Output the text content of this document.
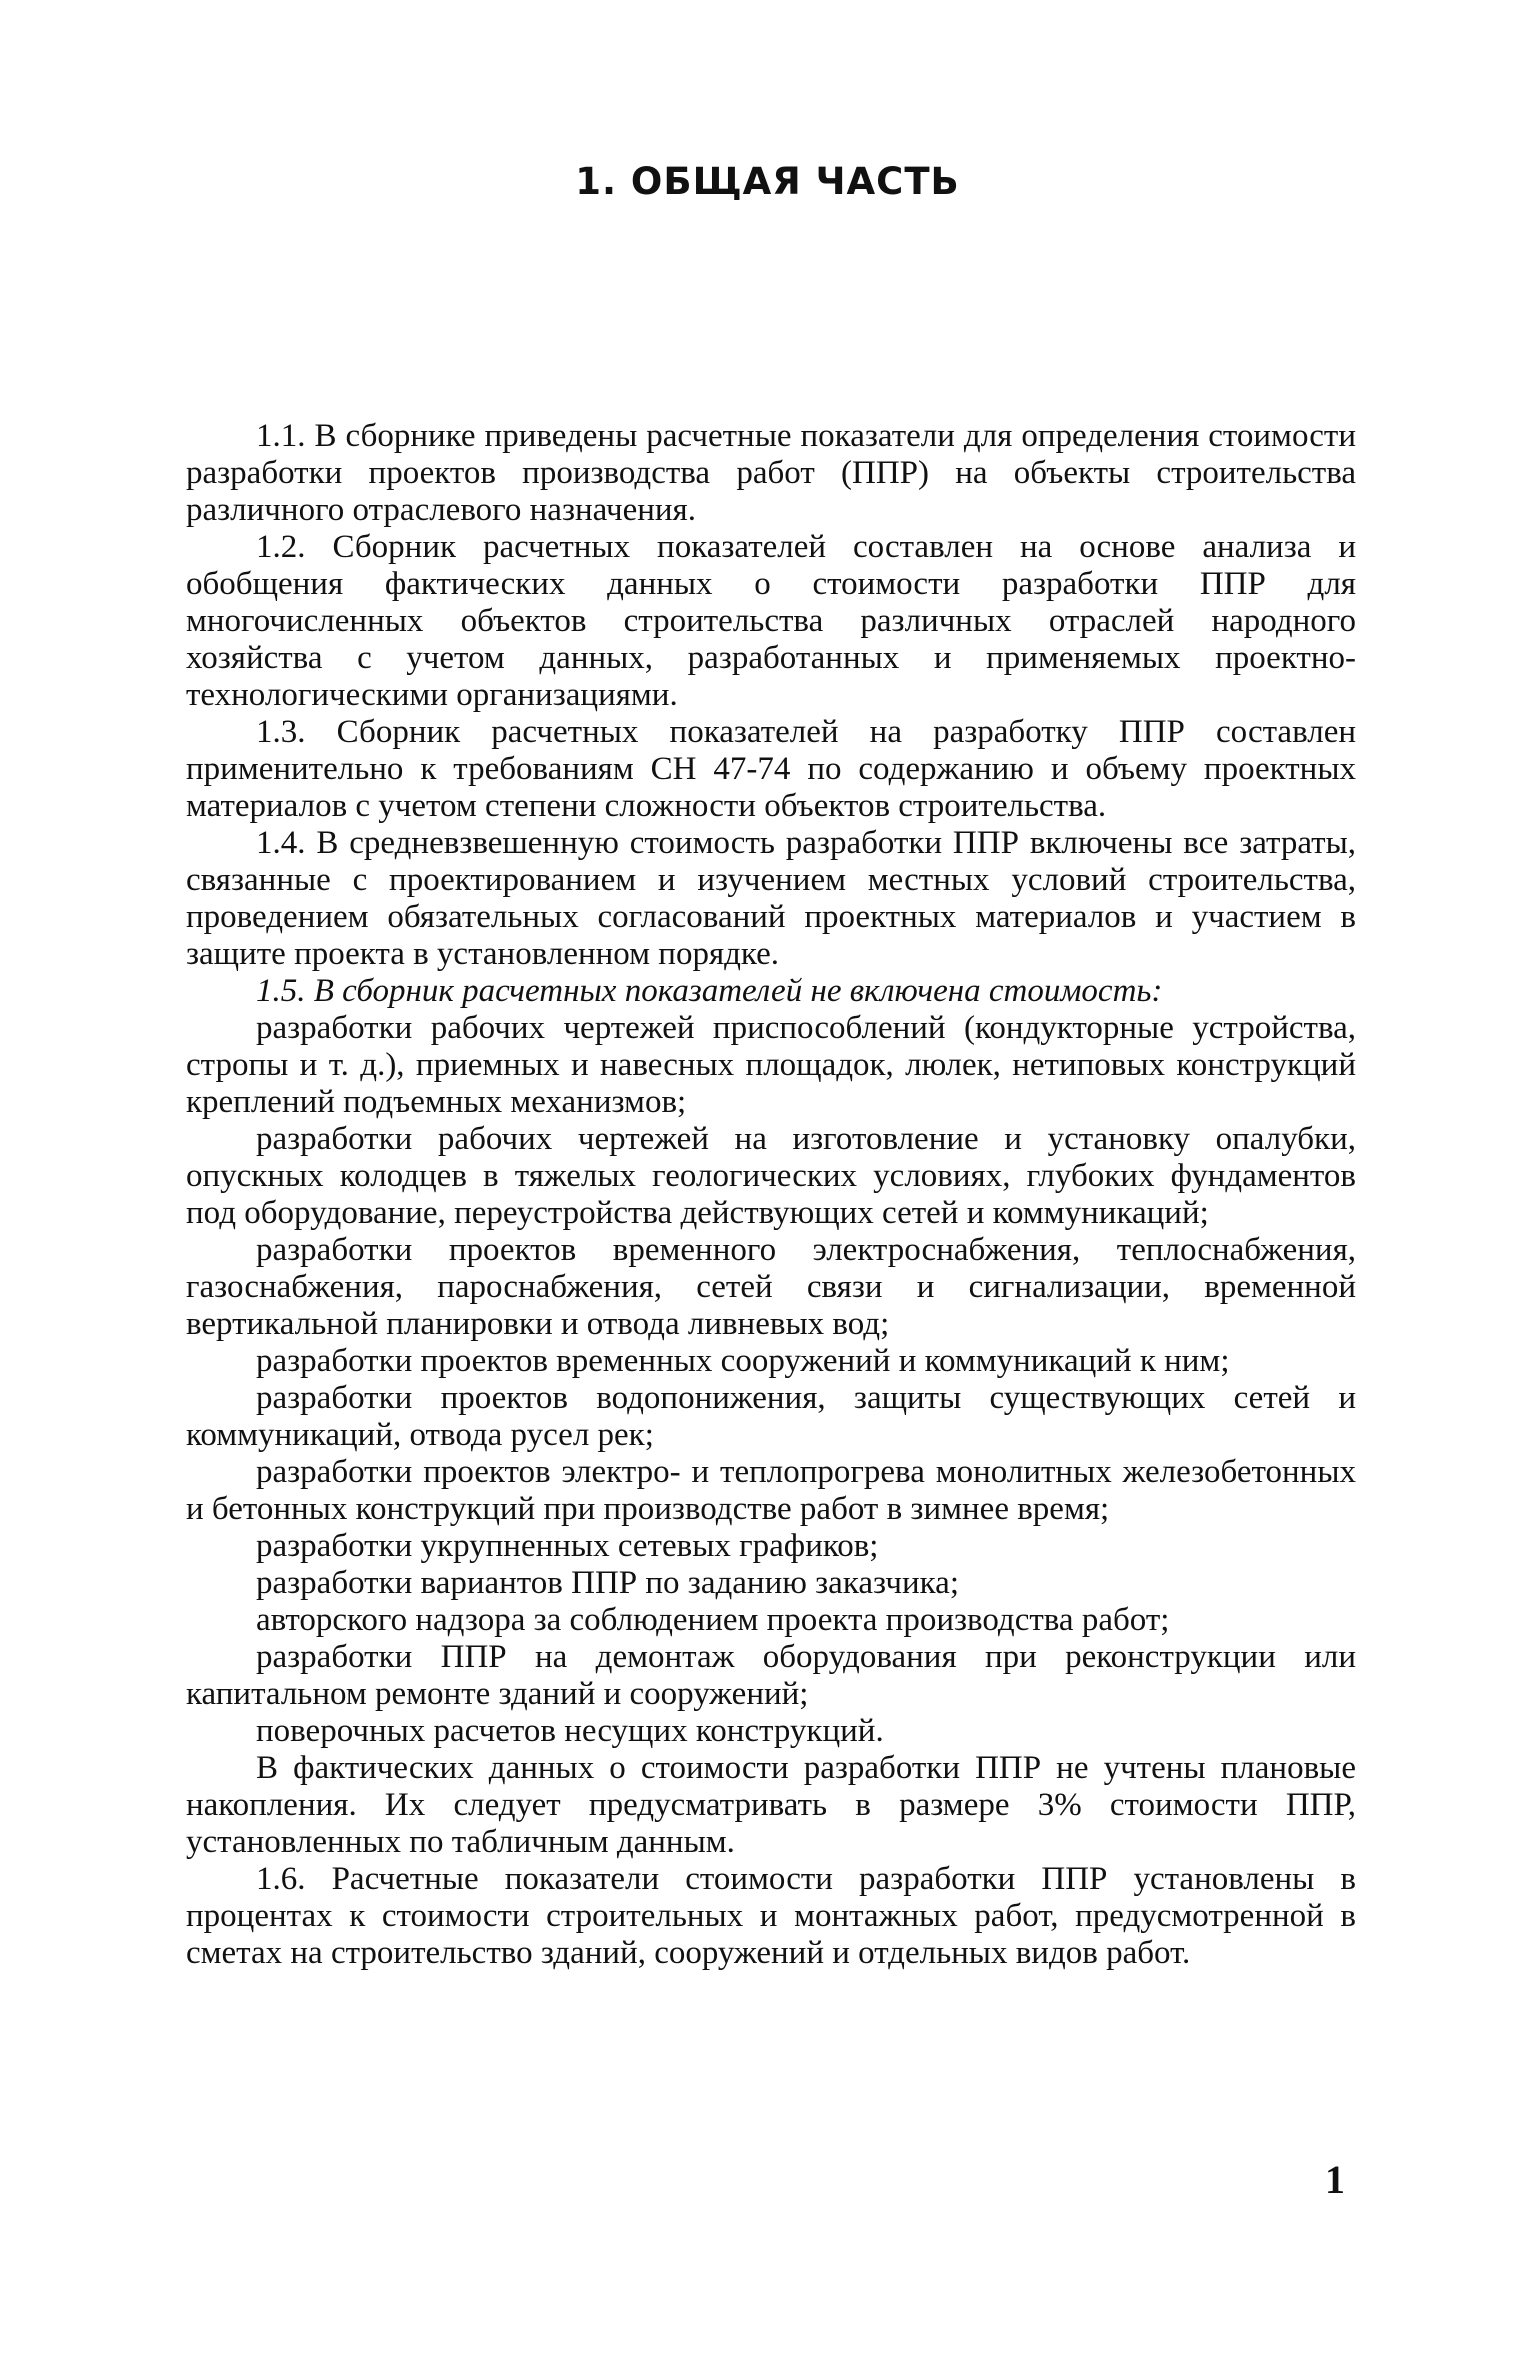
1. ОБЩАЯ ЧАСТЬ

1.1. В сборнике приведены расчетные показатели для определения стоимости разработки проектов производства работ (ППР) на объекты строительства различного отраслевого назначения.

1.2. Сборник расчетных показателей составлен на основе анализа и обобщения фактических данных о стоимости разработки ППР для многочисленных объектов строительства различных отраслей народного хозяйства с учетом данных, разработанных и применяемых проектно-технологическими организациями.

1.3. Сборник расчетных показателей на разработку ППР составлен применительно к требованиям СН 47-74 по содержанию и объему проектных материалов с учетом степени сложности объектов строительства.

1.4. В средневзвешенную стоимость разработки ППР включены все затраты, связанные с проектированием и изучением местных условий строительства, проведением обязательных согласований проектных материалов и участием в защите проекта в установленном порядке.

1.5. В сборник расчетных показателей не включена стоимость:

разработки рабочих чертежей приспособлений (кондукторные устройства, стропы и т. д.), приемных и навесных площадок, люлек, нетиповых конструкций креплений подъемных механизмов;

разработки рабочих чертежей на изготовление и установку опалубки, опускных колодцев в тяжелых геологических условиях, глубоких фундаментов под оборудование, переустройства действующих сетей и коммуникаций;

разработки проектов временного электроснабжения, теплоснабжения, газоснабжения, пароснабжения, сетей связи и сигнализации, временной вертикальной планировки и отвода ливневых вод;

разработки проектов временных сооружений и коммуникаций к ним;

разработки проектов водопонижения, защиты существующих сетей и коммуникаций, отвода русел рек;

разработки проектов электро- и теплопрогрева монолитных железобетонных и бетонных конструкций при производстве работ в зимнее время;

разработки укрупненных сетевых графиков;

разработки вариантов ППР по заданию заказчика;

авторского надзора за соблюдением проекта производства работ;

разработки ППР на демонтаж оборудования при реконструкции или капитальном ремонте зданий и сооружений;

поверочных расчетов несущих конструкций.

В фактических данных о стоимости разработки ППР не учтены плановые накопления. Их следует предусматривать в размере 3% стоимости ППР, установленных по табличным данным.

1.6. Расчетные показатели стоимости разработки ППР установлены в процентах к стоимости строительных и монтажных работ, предусмотренной в сметах на строительство зданий, сооружений и отдельных видов работ.

1
